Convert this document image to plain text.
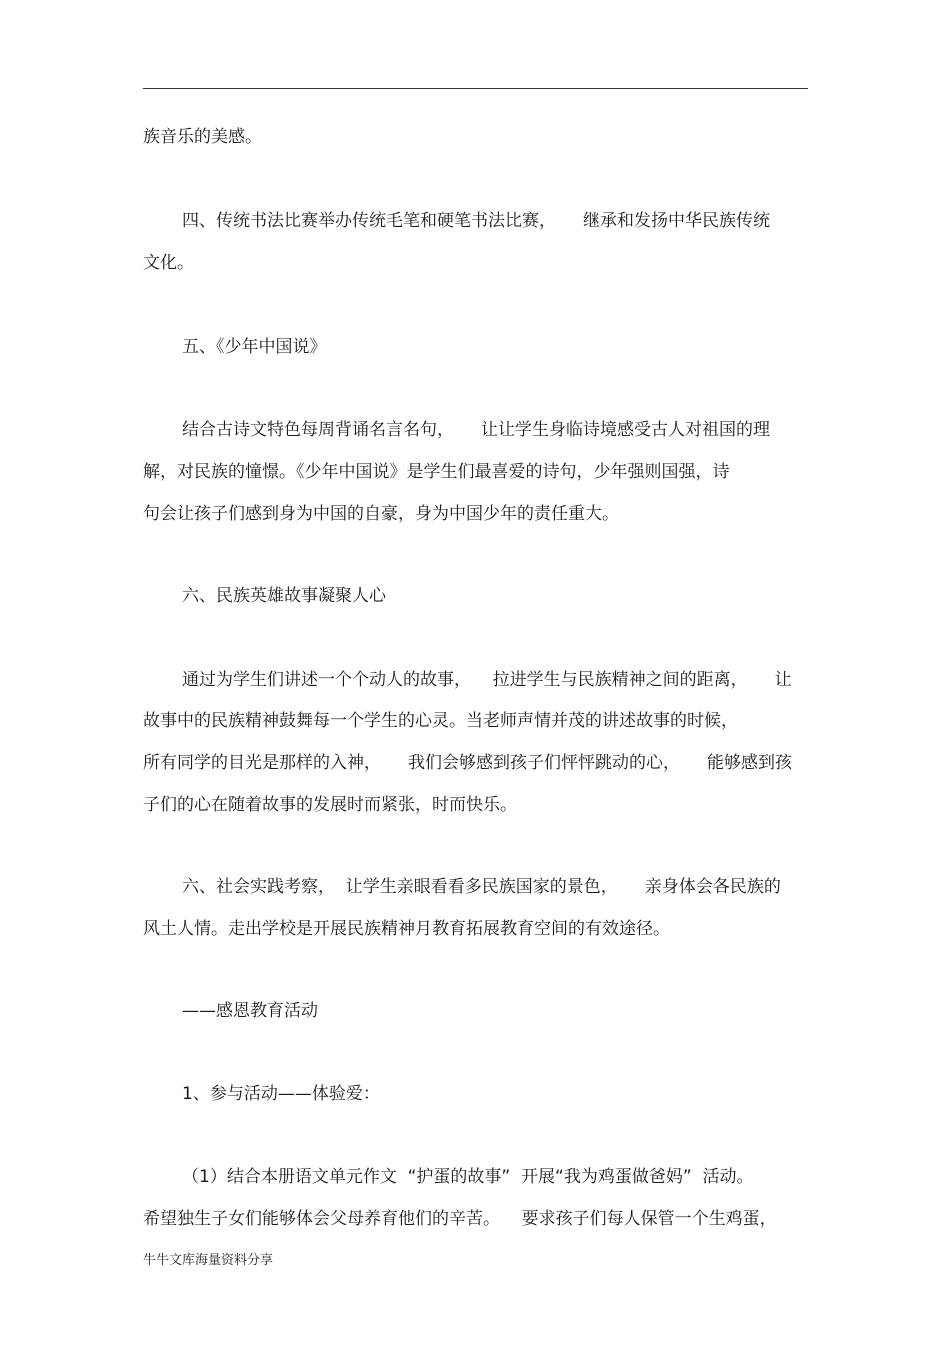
族音乐的美感。
四、传统书法比赛举办传统毛笔和硬笔书法比赛，     继承和发扬中华民族传统
文化。
五、《少年中国说》
结合古诗文特色每周背诵名言名句，     让让学生身临诗境感受古人对祖国的理
解，对民族的憧憬。《少年中国说》是学生们最喜爱的诗句，少年强则国强，诗
句会让孩子们感到身为中国的自豪，身为中国少年的责任重大。
六、民族英雄故事凝聚人心
通过为学生们讲述一个个动人的故事，    拉进学生与民族精神之间的距离，     让
故事中的民族精神鼓舞每一个学生的心灵。当老师声情并茂的讲述故事的时候，
所有同学的目光是那样的入神，     我们会够感到孩子们怦怦跳动的心，     能够感到孩
子们的心在随着故事的发展时而紧张，时而快乐。
六、社会实践考察，  让学生亲眼看看多民族国家的景色，     亲身体会各民族的
风土人情。走出学校是开展民族精神月教育拓展教育空间的有效途径。
——感恩教育活动
1、参与活动——体验爱：
（1）结合本册语文单元作文  “护蛋的故事”  开展“我为鸡蛋做爸妈”  活动。
希望独生子女们能够体会父母养育他们的辛苦。    要求孩子们每人保管一个生鸡蛋，
牛牛文库海量资料分享
